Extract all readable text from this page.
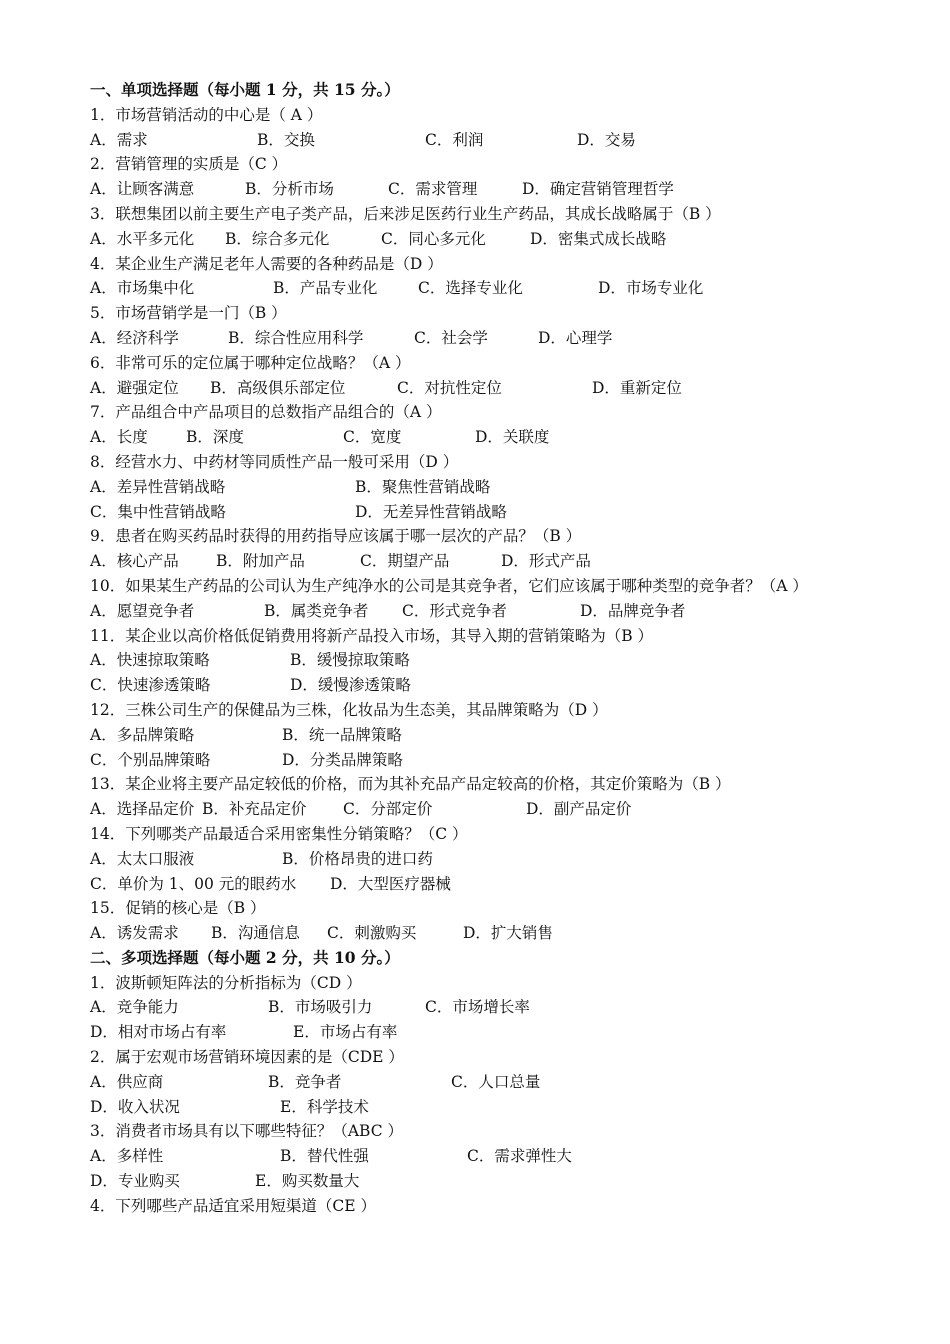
一、单项选择题（每小题 1 分，共 15 分。）
1．市场营销活动的中心是（ A ）
A．需求	B．交换	C．利润	D．交易
2．营销管理的实质是（C ）
A．让顾客满意	B．分析市场	C．需求管理	D．确定营销管理哲学
3．联想集团以前主要生产电子类产品，后来涉足医药行业生产药品，其成长战略属于（B ）
A．水平多元化 B．综合多元化	C．同心多元化	D．密集式成长战略
4．某企业生产满足老年人需要的各种药品是（D ）
A．市场集中化	B．产品专业化	C．选择专业化	D．市场专业化
5．市场营销学是一门（B ）
A．经济科学	B．综合性应用科学	C．社会学	D．心理学
6．非常可乐的定位属于哪种定位战略？（A ）
A．避强定位 B．高级俱乐部定位	C．对抗性定位	D．重新定位
7．产品组合中产品项目的总数指产品组合的（A ）
A．长度 B．深度	C．宽度	D．关联度
8．经营水力、中药材等同质性产品一般可采用（D ）
A．差异性营销战略	B．聚焦性营销战略
C．集中性营销战略	D．无差异性营销战略
9．患者在购买药品时获得的用药指导应该属于哪一层次的产品？（B ）
A．核心产品 B．附加产品	C．期望产品	D．形式产品
10．如果某生产药品的公司认为生产纯净水的公司是其竞争者，它们应该属于哪种类型的竞争者？（A ）
A．愿望竞争者	B．属类竞争者 C．形式竞争者	D．品牌竞争者
11．某企业以高价格低促销费用将新产品投入市场，其导入期的营销策略为（B ）
A．快速掠取策略	B．缓慢掠取策略
C．快速渗透策略	D．缓慢渗透策略
12．三株公司生产的保健品为三株，化妆品为生态美，其品牌策略为（D ）
A．多品牌策略	B．统一品牌策略
C．个别品牌策略	D．分类品牌策略
13．某企业将主要产品定较低的价格，而为其补充品产品定较高的价格，其定价策略为（B ）
A．选择品定价 B．补充品定价 C．分部定价	D．副产品定价
14．下列哪类产品最适合采用密集性分销策略？（C ）
A．太太口服液	B．价格昂贵的进口药
C．单价为 1、00 元的眼药水 D．大型医疗器械
15．促销的核心是（B ）
A．诱发需求 B．沟通信息 C．刺激购买	D．扩大销售
二、多项选择题（每小题 2 分，共 10 分。）
1．波斯顿矩阵法的分析指标为（CD ）
A．竞争能力	B．市场吸引力	C．市场增长率
D．相对市场占有率	E．市场占有率
2．属于宏观市场营销环境因素的是（CDE ）
A．供应商	B．竞争者	C．人口总量
D．收入状况	E．科学技术
3．消费者市场具有以下哪些特征？（ABC ）
A．多样性	B．替代性强	C．需求弹性大
D．专业购买	E．购买数量大
4．下列哪些产品适宜采用短渠道（CE ）
